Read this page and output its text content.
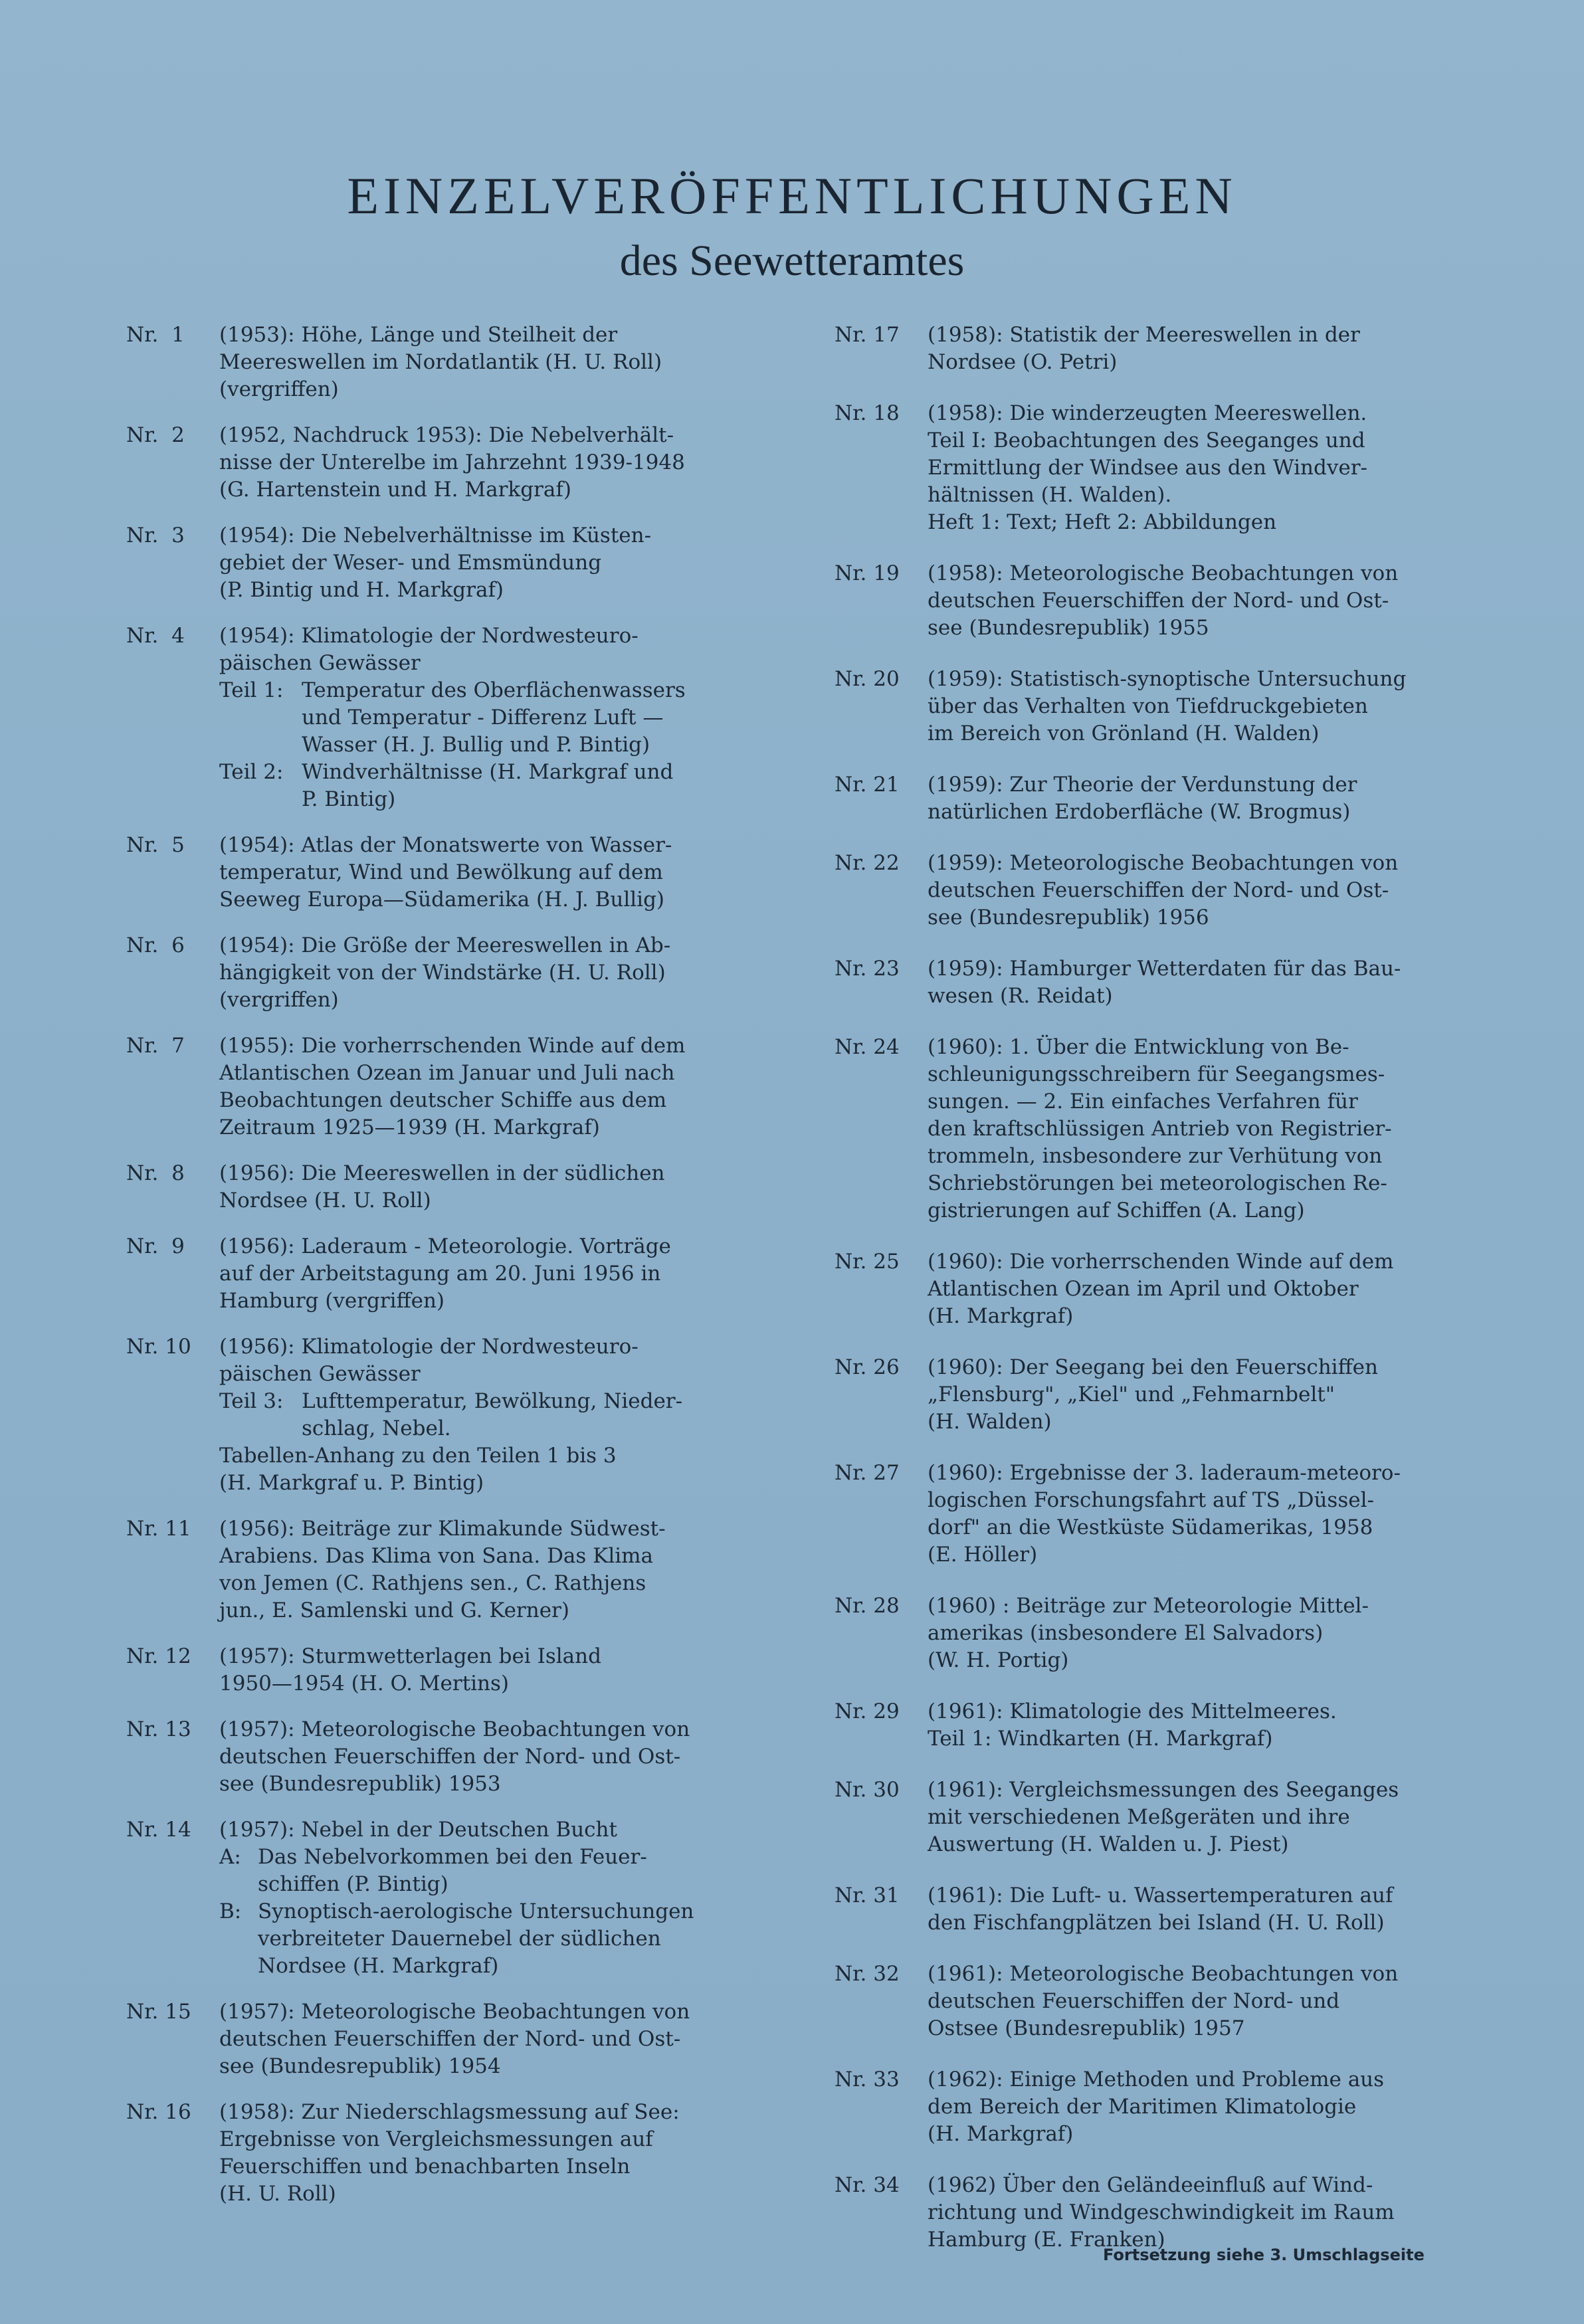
EINZELVERÖFFENTLICHUNGEN
des Seewetteramtes
Nr.  1	(1953): Höhe, Länge und Steilheit der
Meereswellen im Nordatlantik (H. U. Roll)
(vergriffen)
Nr.  2	(1952, Nachdruck 1953): Die Nebelverhält-
nisse der Unterelbe im Jahrzehnt 1939-1948
(G. Hartenstein und H. Markgraf)
Nr.  3	(1954): Die Nebelverhältnisse im Küsten-
gebiet der Weser- und Emsmündung
(P. Bintig und H. Markgraf)
Nr.  4	(1954): Klimatologie der Nordwesteuro-
päischen Gewässer
Teil 1: Temperatur des Oberflächenwassers
und Temperatur - Differenz Luft —
Wasser (H. J. Bullig und P. Bintig)
Teil 2: Windverhältnisse (H. Markgraf und
P. Bintig)
Nr.  5	(1954): Atlas der Monatswerte von Wasser-
temperatur, Wind und Bewölkung auf dem
Seeweg Europa—Südamerika (H. J. Bullig)
Nr.  6	(1954): Die Größe der Meereswellen in Ab-
hängigkeit von der Windstärke (H. U. Roll)
(vergriffen)
Nr.  7	(1955): Die vorherrschenden Winde auf dem
Atlantischen Ozean im Januar und Juli nach
Beobachtungen deutscher Schiffe aus dem
Zeitraum 1925—1939 (H. Markgraf)
Nr.  8	(1956): Die Meereswellen in der südlichen
Nordsee (H. U. Roll)
Nr.  9	(1956): Laderaum - Meteorologie. Vorträge
auf der Arbeitstagung am 20. Juni 1956 in
Hamburg (vergriffen)
Nr. 10	(1956): Klimatologie der Nordwesteuro-
päischen Gewässer
Teil 3: Lufttemperatur, Bewölkung, Nieder-
schlag, Nebel.
Tabellen-Anhang zu den Teilen 1 bis 3
(H. Markgraf u. P. Bintig)
Nr. 11	(1956): Beiträge zur Klimakunde Südwest-
Arabiens. Das Klima von Sana. Das Klima
von Jemen (C. Rathjens sen., C. Rathjens
jun., E. Samlenski und G. Kerner)
Nr. 12	(1957): Sturmwetterlagen bei Island
1950—1954 (H. O. Mertins)
Nr. 13	(1957): Meteorologische Beobachtungen von
deutschen Feuerschiffen der Nord- und Ost-
see (Bundesrepublik) 1953
Nr. 14	(1957): Nebel in der Deutschen Bucht
A: Das Nebelvorkommen bei den Feuer-
schiffen (P. Bintig)
B: Synoptisch-aerologische Untersuchungen
verbreiteter Dauernebel der südlichen
Nordsee (H. Markgraf)
Nr. 15	(1957): Meteorologische Beobachtungen von
deutschen Feuerschiffen der Nord- und Ost-
see (Bundesrepublik) 1954
Nr. 16	(1958): Zur Niederschlagsmessung auf See:
Ergebnisse von Vergleichsmessungen auf
Feuerschiffen und benachbarten Inseln
(H. U. Roll)
Nr. 17	(1958): Statistik der Meereswellen in der
Nordsee (O. Petri)
Nr. 18	(1958): Die winderzeugten Meereswellen.
Teil I: Beobachtungen des Seeganges und
Ermittlung der Windsee aus den Windver-
hältnissen (H. Walden).
Heft 1: Text; Heft 2: Abbildungen
Nr. 19	(1958): Meteorologische Beobachtungen von
deutschen Feuerschiffen der Nord- und Ost-
see (Bundesrepublik) 1955
Nr. 20	(1959): Statistisch-synoptische Untersuchung
über das Verhalten von Tiefdruckgebieten
im Bereich von Grönland (H. Walden)
Nr. 21	(1959): Zur Theorie der Verdunstung der
natürlichen Erdoberfläche (W. Brogmus)
Nr. 22	(1959): Meteorologische Beobachtungen von
deutschen Feuerschiffen der Nord- und Ost-
see (Bundesrepublik) 1956
Nr. 23	(1959): Hamburger Wetterdaten für das Bau-
wesen (R. Reidat)
Nr. 24	(1960): 1. Über die Entwicklung von Be-
schleunigungsschreibern für Seegangsmes-
sungen. — 2. Ein einfaches Verfahren für
den kraftschlüssigen Antrieb von Registrier-
trommeln, insbesondere zur Verhütung von
Schriebstörungen bei meteorologischen Re-
gistrierungen auf Schiffen (A. Lang)
Nr. 25	(1960): Die vorherrschenden Winde auf dem
Atlantischen Ozean im April und Oktober
(H. Markgraf)
Nr. 26	(1960): Der Seegang bei den Feuerschiffen
„Flensburg", „Kiel" und „Fehmarnbelt"
(H. Walden)
Nr. 27	(1960): Ergebnisse der 3. laderaum-meteoro-
logischen Forschungsfahrt auf TS „Düssel-
dorf" an die Westküste Südamerikas, 1958
(E. Höller)
Nr. 28	(1960) : Beiträge zur Meteorologie Mittel-
amerikas (insbesondere El Salvadors)
(W. H. Portig)
Nr. 29	(1961): Klimatologie des Mittelmeeres.
Teil 1: Windkarten (H. Markgraf)
Nr. 30	(1961): Vergleichsmessungen des Seeganges
mit verschiedenen Meßgeräten und ihre
Auswertung (H. Walden u. J. Piest)
Nr. 31	(1961): Die Luft- u. Wassertemperaturen auf
den Fischfangplätzen bei Island (H. U. Roll)
Nr. 32	(1961): Meteorologische Beobachtungen von
deutschen Feuerschiffen der Nord- und
Ostsee (Bundesrepublik) 1957
Nr. 33	(1962): Einige Methoden und Probleme aus
dem Bereich der Maritimen Klimatologie
(H. Markgraf)
Nr. 34	(1962) Über den Geländeeinfluß auf Wind-
richtung und Windgeschwindigkeit im Raum
Hamburg (E. Franken)
Fortsetzung siehe 3. Umschlagseite
